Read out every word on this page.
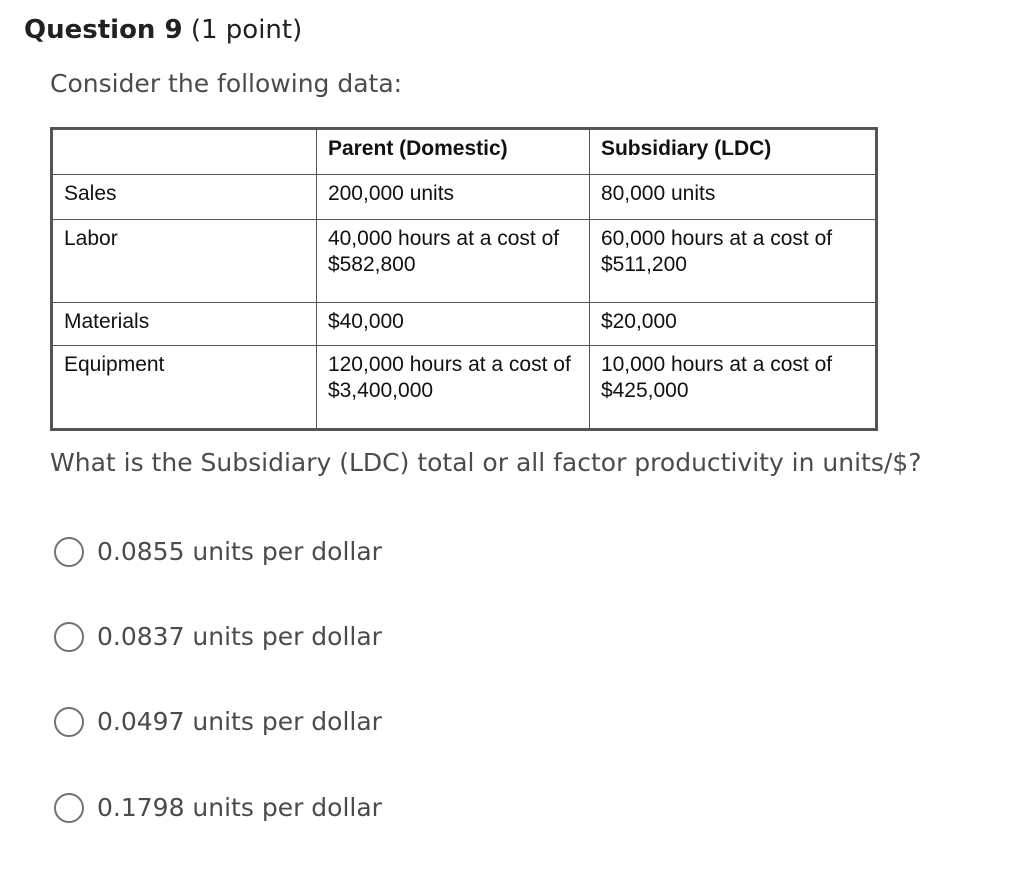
Question 9 (1 point)
Consider the following data:
	Parent (Domestic)	Subsidiary (LDC)
Sales	200,000 units	80,000 units
Labor	40,000 hours at a cost of $582,800	60,000 hours at a cost of $511,200
Materials	$40,000	$20,000
Equipment	120,000 hours at a cost of $3,400,000	10,000 hours at a cost of $425,000
What is the Subsidiary (LDC) total or all factor productivity in units/$?
0.0855 units per dollar
0.0837 units per dollar
0.0497 units per dollar
0.1798 units per dollar
